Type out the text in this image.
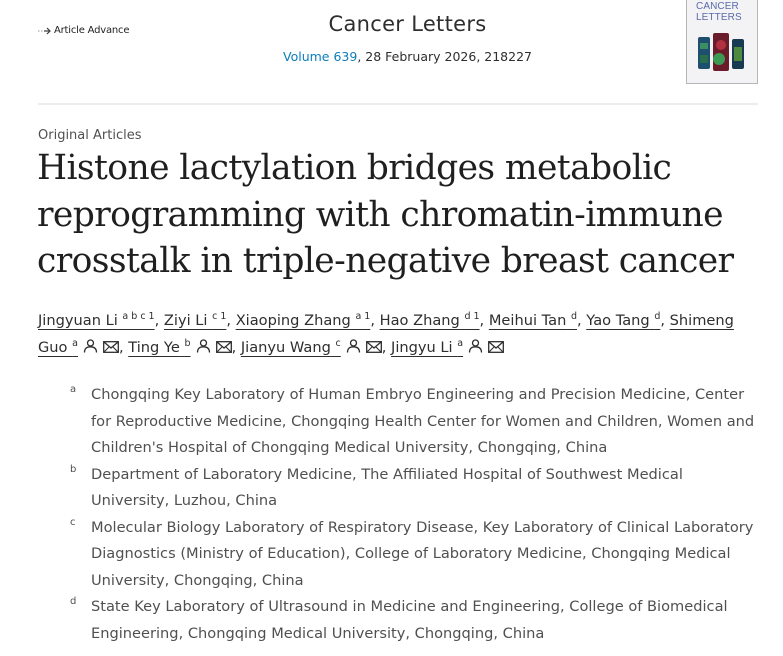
Article Advance	Cancer Letters
Volume 639, 28 February 2026, 218227
CANCER
LETTERS
Original Articles
Histone lactylation bridges metabolic reprogramming with chromatin-immune crosstalk in triple-negative breast cancer
Jingyuan Li $^{a b c 1}$, Ziyi Li $^{c 1}$, Xiaoping Zhang $^{a 1}$, Hao Zhang $^{d 1}$, Meihui Tan $^d$, Yao Tang $^d$, Shimeng Guo $^a$	, Ting Ye $^b$	, Jianyu Wang $^c$	, Jingyu Li $^a$
a Chongqing Key Laboratory of Human Embryo Engineering and Precision Medicine, Center for Reproductive Medicine, Chongqing Health Center for Women and Children, Women and Children's Hospital of Chongqing Medical University, Chongqing, China
b Department of Laboratory Medicine, The Affiliated Hospital of Southwest Medical University, Luzhou, China
c Molecular Biology Laboratory of Respiratory Disease, Key Laboratory of Clinical Laboratory Diagnostics (Ministry of Education), College of Laboratory Medicine, Chongqing Medical University, Chongqing, China
d State Key Laboratory of Ultrasound in Medicine and Engineering, College of Biomedical Engineering, Chongqing Medical University, Chongqing, China
